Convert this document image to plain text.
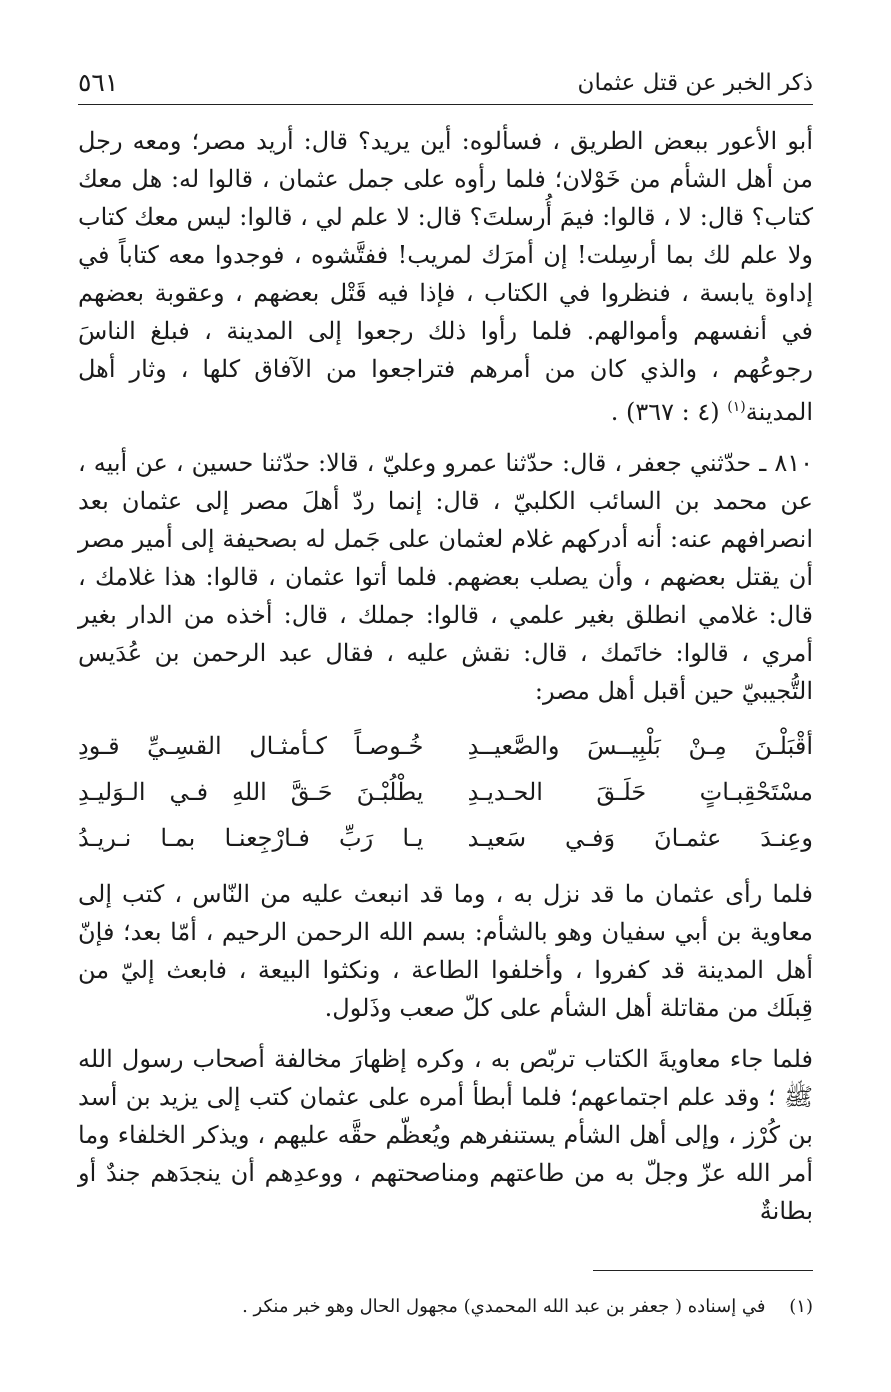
ذكر الخبر عن قتل عثمان
٥٦١

أبو الأعور ببعض الطريق ، فسألوه: أين يريد؟ قال: أريد مصر؛ ومعه رجل من أهل الشأم من خَوْلان؛ فلما رأوه على جمل عثمان ، قالوا له: هل معك كتاب؟ قال: لا ، قالوا: فيمَ أُرسلتَ؟ قال: لا علم لي ، قالوا: ليس معك كتاب ولا علم لك بما أرسِلت! إن أمرَك لمريب! ففتَّشوه ، فوجدوا معه كتاباً في إداوة يابسة ، فنظروا في الكتاب ، فإذا فيه قَتْل بعضهم ، وعقوبة بعضهم في أنفسهم وأموالهم. فلما رأوا ذلك رجعوا إلى المدينة ، فبلغ الناسَ رجوعُهم ، والذي كان من أمرهم فتراجعوا من الآفاق كلها ، وثار أهل المدينة$^{(١)}$ (٤ : ٣٦٧) .

٨١٠ ـ حدّثني جعفر ، قال: حدّثنا عمرو وعليّ ، قالا: حدّثنا حسين ، عن أبيه ، عن محمد بن السائب الكلبيّ ، قال: إنما ردّ أهلَ مصر إلى عثمان بعد انصرافهم عنه: أنه أدركهم غلام لعثمان على جَمل له بصحيفة إلى أمير مصر أن يقتل بعضهم ، وأن يصلب بعضهم. فلما أتوا عثمان ، قالوا: هذا غلامك ، قال: غلامي انطلق بغير علمي ، قالوا: جملك ، قال: أخذه من الدار بغير أمري ، قالوا: خاتَمك ، قال: نقش عليه ، فقال عبد الرحمن بن عُدَيس التُّجيبيّ حين أقبل أهل مصر:

أقْبَلْـنَ مِـنْ بَلْبِيــسَ والصَّعيــدِ
خُـوصـاً كـأمثـال القسِـيِّ قـودِ
مسْتَحْقِبـاتٍ حَلَـقَ الحـديـدِ
يطْلُبْـنَ حَـقَّ اللهِ فـي الـوَليـدِ
وعِنـدَ عثمـانَ وَفـي سَعيـد
يـا رَبِّ فـارْجِعنـا بمـا نـريـدُ

فلما رأى عثمان ما قد نزل به ، وما قد انبعث عليه من النّاس ، كتب إلى معاوية بن أبي سفيان وهو بالشأم: بسم الله الرحمن الرحيم ، أمّا بعد؛ فإنّ أهل المدينة قد كفروا ، وأخلفوا الطاعة ، ونكثوا البيعة ، فابعث إليّ من قِبلَك من مقاتلة أهل الشأم على كلّ صعب وذَلول.

فلما جاء معاويةَ الكتاب تربّص به ، وكره إظهارَ مخالفة أصحاب رسول الله ﷺ ؛ وقد علم اجتماعهم؛ فلما أبطأ أمره على عثمان كتب إلى يزيد بن أسد بن كُرْز ، وإلى أهل الشأم يستنفرهم ويُعظّم حقَّه عليهم ، ويذكر الخلفاء وما أمر الله عزّ وجلّ به من طاعتهم ومناصحتهم ، ووعدِهم أن ينجدَهم جندٌ أو بطانةٌ

(١) في إسناده ( جعفر بن عبد الله المحمدي) مجهول الحال وهو خبر منكر .
